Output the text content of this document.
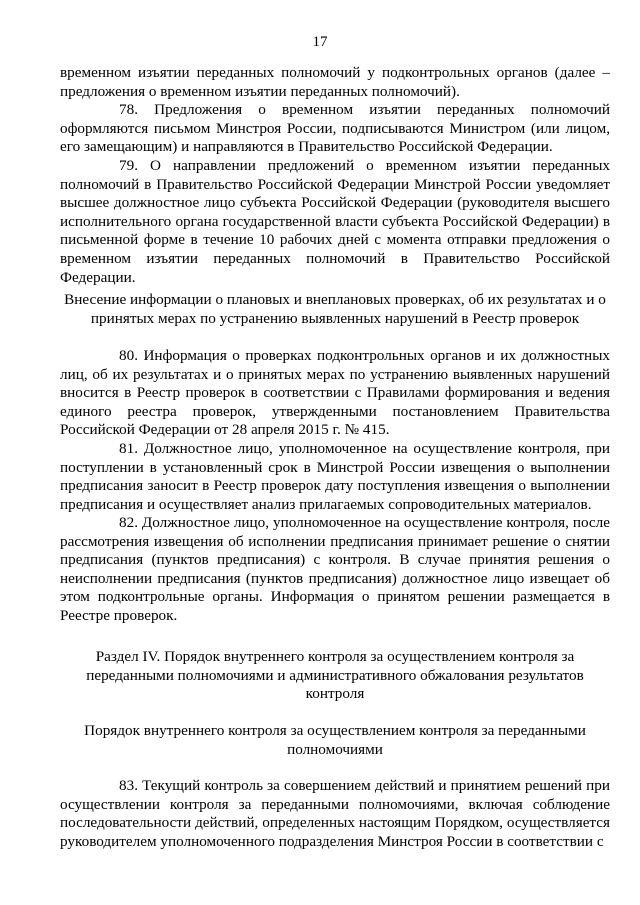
17
временном изъятии переданных полномочий у подконтрольных органов (далее – предложения о временном изъятии переданных полномочий).
78. Предложения о временном изъятии переданных полномочий оформляются письмом Минстроя России, подписываются Министром (или лицом, его замещающим) и направляются в Правительство Российской Федерации.
79. О направлении предложений о временном изъятии переданных полномочий в Правительство Российской Федерации Минстрой России уведомляет высшее должностное лицо субъекта Российской Федерации (руководителя высшего исполнительного органа государственной власти субъекта Российской Федерации) в письменной форме в течение 10 рабочих дней с момента отправки предложения о временном изъятии переданных полномочий в Правительство Российской Федерации.
Внесение информации о плановых и внеплановых проверках, об их результатах и о принятых мерах по устранению выявленных нарушений в Реестр проверок
80. Информация о проверках подконтрольных органов и их должностных лиц, об их результатах и о принятых мерах по устранению выявленных нарушений вносится в Реестр проверок в соответствии с Правилами формирования и ведения единого реестра проверок, утвержденными постановлением Правительства Российской Федерации от 28 апреля 2015 г. № 415.
81. Должностное лицо, уполномоченное на осуществление контроля, при поступлении в установленный срок в Минстрой России извещения о выполнении предписания заносит в Реестр проверок дату поступления извещения о выполнении предписания и осуществляет анализ прилагаемых сопроводительных материалов.
82. Должностное лицо, уполномоченное на осуществление контроля, после рассмотрения извещения об исполнении предписания принимает решение о снятии предписания (пунктов предписания) с контроля. В случае принятия решения о неисполнении предписания (пунктов предписания) должностное лицо извещает об этом подконтрольные органы. Информация о принятом решении размещается в Реестре проверок.
Раздел IV. Порядок внутреннего контроля за осуществлением контроля за переданными полномочиями и административного обжалования результатов контроля
Порядок внутреннего контроля за осуществлением контроля за переданными полномочиями
83. Текущий контроль за совершением действий и принятием решений при осуществлении контроля за переданными полномочиями, включая соблюдение последовательности действий, определенных настоящим Порядком, осуществляется руководителем уполномоченного подразделения Минстроя России в соответствии с
